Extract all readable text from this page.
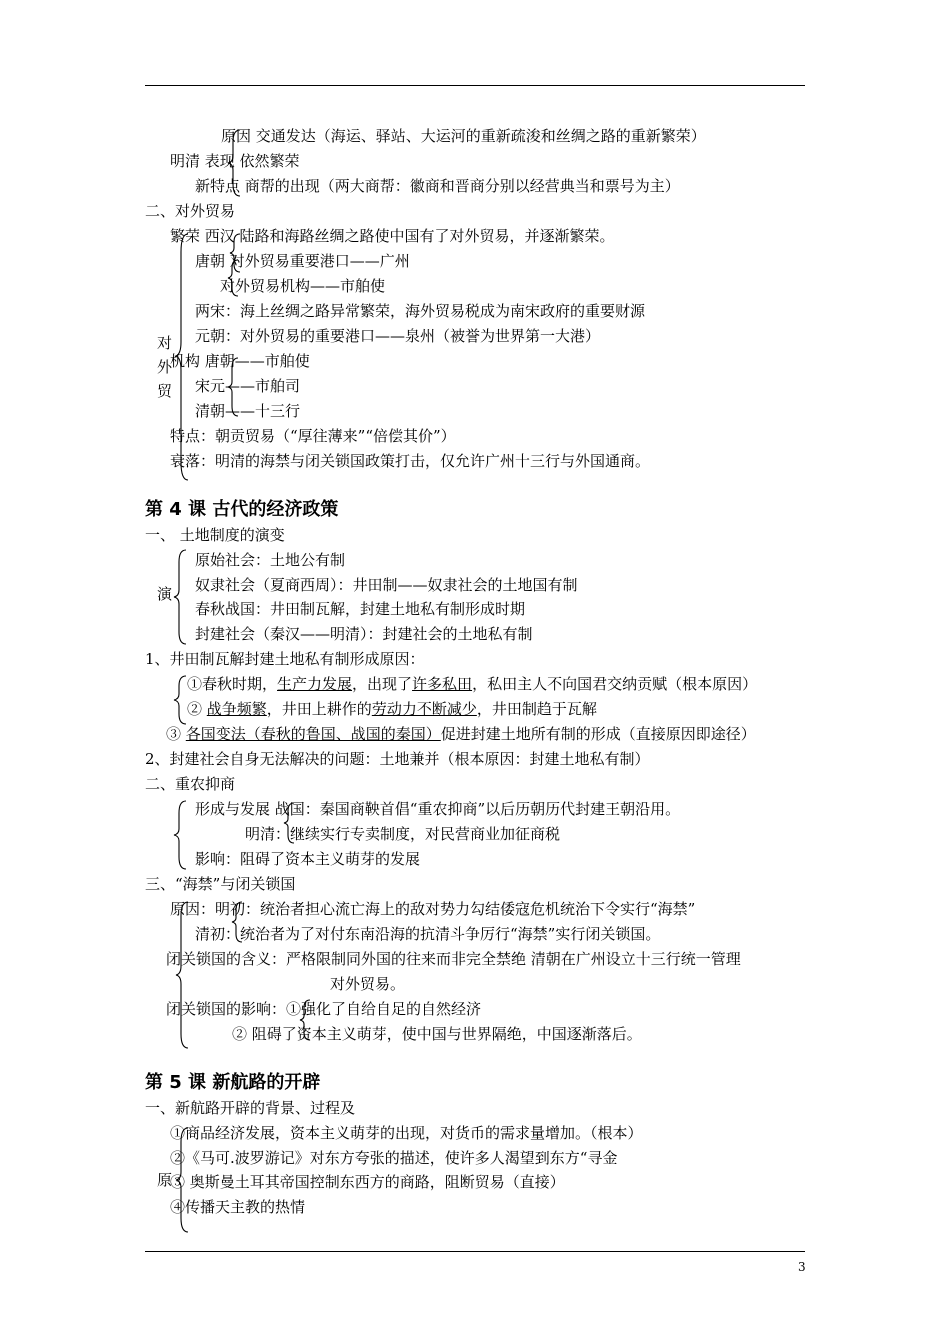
原因 交通发达（海运、驿站、大运河的重新疏浚和丝绸之路的重新繁荣）
明清 表现 依然繁荣
新特点 商帮的出现（两大商帮：徽商和晋商分别以经营典当和票号为主）
二、对外贸易
繁荣 西汉 陆路和海路丝绸之路使中国有了对外贸易，并逐渐繁荣。
唐朝 对外贸易重要港口——广州
对外贸易机构——市舶使
两宋：海上丝绸之路异常繁荣，海外贸易税成为南宋政府的重要财源
元朝：对外贸易的重要港口——泉州（被誉为世界第一大港）
对
外
贸
机构 唐朝——市舶使
宋元——市舶司
清朝——十三行
特点：朝贡贸易（“厚往薄来”“倍偿其价”）
衰落：明清的海禁与闭关锁国政策打击，仅允许广州十三行与外国通商。
第 4 课 古代的经济政策
一、 土地制度的演变
演
原始社会：土地公有制
奴隶社会（夏商西周）：井田制——奴隶社会的土地国有制
春秋战国：井田制瓦解，封建土地私有制形成时期
封建社会（秦汉——明清）：封建社会的土地私有制
1、井田制瓦解封建土地私有制形成原因：
①春秋时期，生产力发展，出现了许多私田，私田主人不向国君交纳贡赋（根本原因）
② 战争频繁，井田上耕作的劳动力不断减少，井田制趋于瓦解
③ 各国变法（春秋的鲁国、战国的秦国）促进封建土地所有制的形成（直接原因即途径）
2、封建社会自身无法解决的问题：土地兼并（根本原因：封建土地私有制）
二、重农抑商
形成与发展 战国：秦国商鞅首倡“重农抑商”以后历朝历代封建王朝沿用。
明清：继续实行专卖制度，对民营商业加征商税
影响：阻碍了资本主义萌芽的发展
三、“海禁”与闭关锁国
原因：明初：统治者担心流亡海上的敌对势力勾结倭寇危机统治下令实行“海禁”
清初：统治者为了对付东南沿海的抗清斗争厉行“海禁”实行闭关锁国。
闭关锁国的含义：严格限制同外国的往来而非完全禁绝 清朝在广州设立十三行统一管理
对外贸易。
闭关锁国的影响：①强化了自给自足的自然经济
② 阻碍了资本主义萌芽，使中国与世界隔绝，中国逐渐落后。
第 5 课 新航路的开辟
一、新航路开辟的背景、过程及
①商品经济发展，资本主义萌芽的出现，对货币的需求量增加。（根本）
②《马可.波罗游记》对东方夸张的描述，使许多人渴望到东方“寻金
原
③ 奥斯曼土耳其帝国控制东西方的商路，阻断贸易（直接）
④传播天主教的热情
3
